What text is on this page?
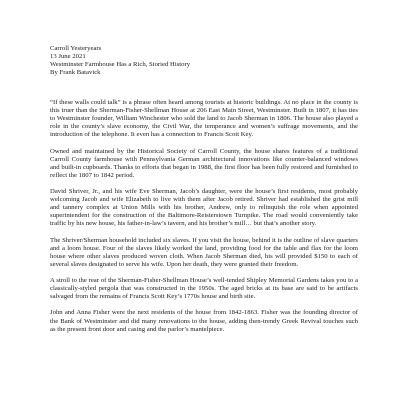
Carroll Yesteryears
13 June 2021
Westminster Farmhouse Has a Rich, Storied History
By Frank Batavick

“If these walls could talk” is a phrase often heard among tourists at historic buildings. At no place in the county is this truer than the Sherman-Fisher-Shellman House at 206 East Main Street, Westminster. Built in 1807, it has ties to Westminster founder, William Winchester who sold the land to Jacob Sherman in 1806. The house also played a role in the county’s slave economy, the Civil War, the temperance and women’s suffrage movements, and the introduction of the telephone. It even has a connection to Francis Scott Key.

Owned and maintained by the Historical Society of Carroll County, the house shares features of a traditional Carroll County farmhouse with Pennsylvania German architectural innovations like counter-balanced windows and built-in cupboards. Thanks to efforts that began in 1988, the first floor has been fully restored and furnished to reflect the 1807 to 1842 period.

David Shriver, Jr., and his wife Eve Sherman, Jacob’s daughter, were the house’s first residents, most probably welcoming Jacob and wife Elizabeth to live with them after Jacob retired. Shriver had established the grist mill and tannery complex at Union Mills with his brother, Andrew, only to relinquish the role when appointed superintendent for the construction of the Baltimore-Reisterstown Turnpike. The road would conveniently take traffic by his new house, his father-in-law’s tavern, and his brother’s mill… but that’s another story.

The Shriver/Sherman household included six slaves. If you visit the house, behind it is the outline of slave quarters and a loom house. Four of the slaves likely worked the land, providing food for the table and flax for the loom house where other slaves produced woven cloth. When Jacob Sherman died, his will provided $150 to each of several slaves designated to serve his wife. Upon her death, they were granted their freedom.

A stroll to the rear of the Sherman-Fisher-Shellman House’s well-tended Shipley Memorial Gardens takes you to a classically-styled pergola that was constructed in the 1950s. The aged bricks at its base are said to be artifacts salvaged from the remains of Francis Scott Key’s 1770s house and birth site.

John and Anna Fisher were the next residents of the house from 1842-1863. Fisher was the founding director of the Bank of Westminster and did many renovations to the house, adding then-trendy Greek Revival touches such as the present front door and casing and the parlor’s mantelpiece.
